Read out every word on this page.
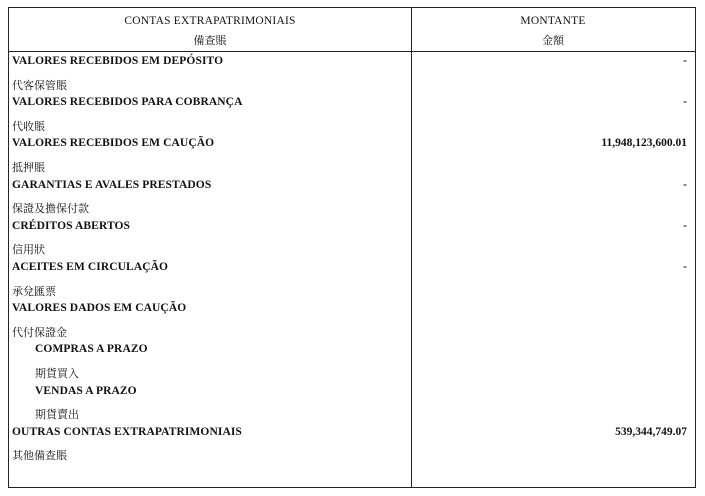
CONTAS EXTRAPATRIMONIAIS
備查賬
MONTANTE
金額
VALORES RECEBIDOS EM DEPÓSITO	-
代客保管賬
VALORES RECEBIDOS PARA COBRANÇA	-
代收賬
VALORES RECEBIDOS EM CAUÇÃO	11,948,123,600.01
抵押賬
GARANTIAS E AVALES PRESTADOS	-
保證及擔保付款
CRÉDITOS ABERTOS	-
信用狀
ACEITES EM CIRCULAÇÃO	-
承兌匯票
VALORES DADOS EM CAUÇÃO
代付保證金
COMPRAS A PRAZO
期貨買入
VENDAS A PRAZO
期貨賣出
OUTRAS CONTAS EXTRAPATRIMONIAIS	539,344,749.07
其他備查賬
